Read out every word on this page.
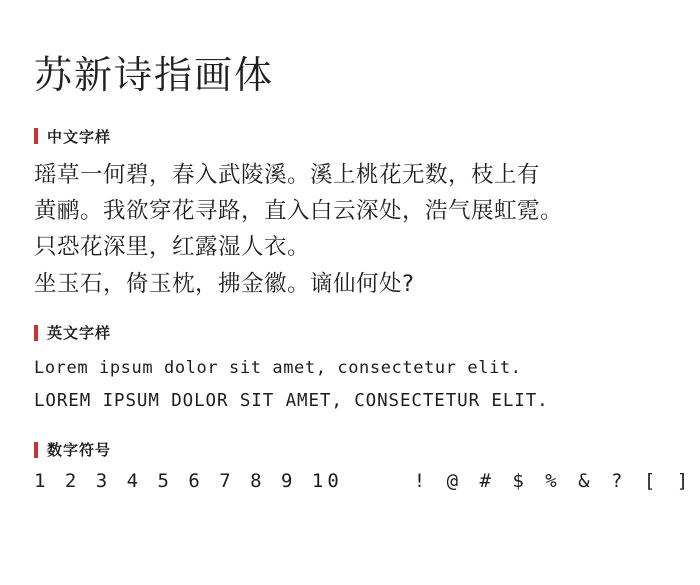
苏新诗指画体
中文字样

瑶草一何碧，春入武陵溪。溪上桃花无数，枝上有

黄鹂。我欲穿花寻路，直入白云深处，浩气展虹霓。

只恐花深里，红露湿人衣。

坐玉石，倚玉枕，拂金徽。谪仙何处?

英文字样
Lorem ipsum dolor sit amet, consectetur elit.
LOREM IPSUM DOLOR SIT AMET, CONSECTETUR ELIT.
数字符号
1 2 3 4 5 6 7 8 9 10	! @ # $ % & ? [ ]
